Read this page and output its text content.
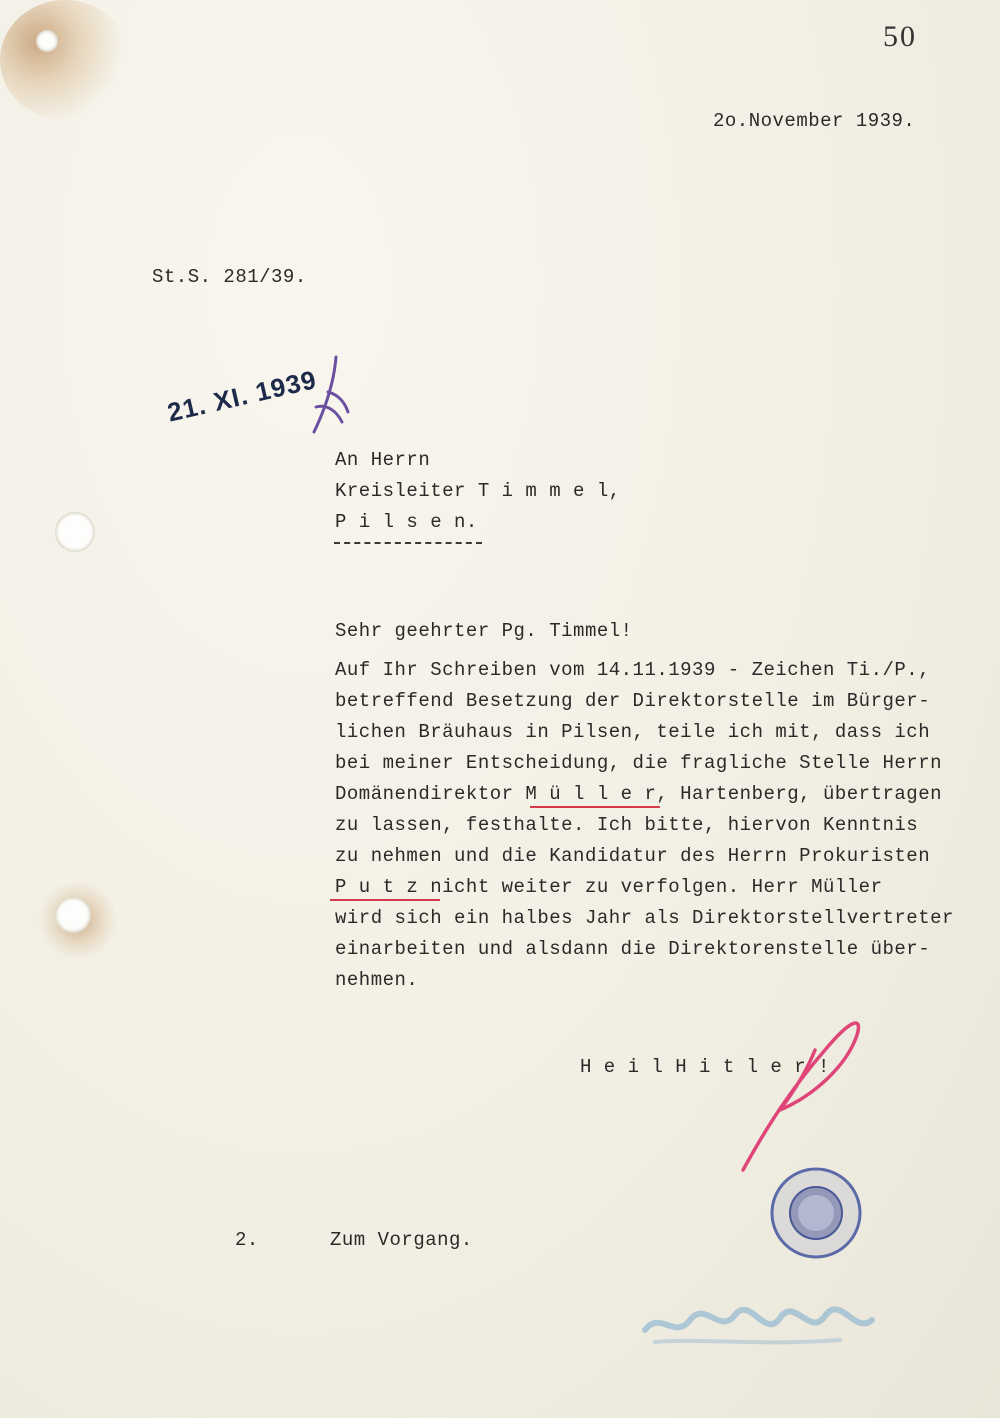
50
2o.November 1939.
St.S. 281/39.
21. XI. 1939
An Herrn
Kreisleiter T i m m e l,
P i l s e n.
Sehr geehrter Pg. Timmel!
Auf Ihr Schreiben vom 14.11.1939 - Zeichen Ti./P.,
betreffend Besetzung der Direktorstelle im Bürger-
lichen Bräuhaus in Pilsen, teile ich mit, dass ich
bei meiner Entscheidung, die fragliche Stelle Herrn
Domänendirektor M ü l l e r, Hartenberg, übertragen
zu lassen, festhalte. Ich bitte, hiervon Kenntnis
zu nehmen und die Kandidatur des Herrn Prokuristen
P u t z nicht weiter zu verfolgen. Herr Müller
wird sich ein halbes Jahr als Direktorstellvertreter
einarbeiten und alsdann die Direktorenstelle über-
nehmen.
H e i l H i t l e r !
2.	Zum Vorgang.
